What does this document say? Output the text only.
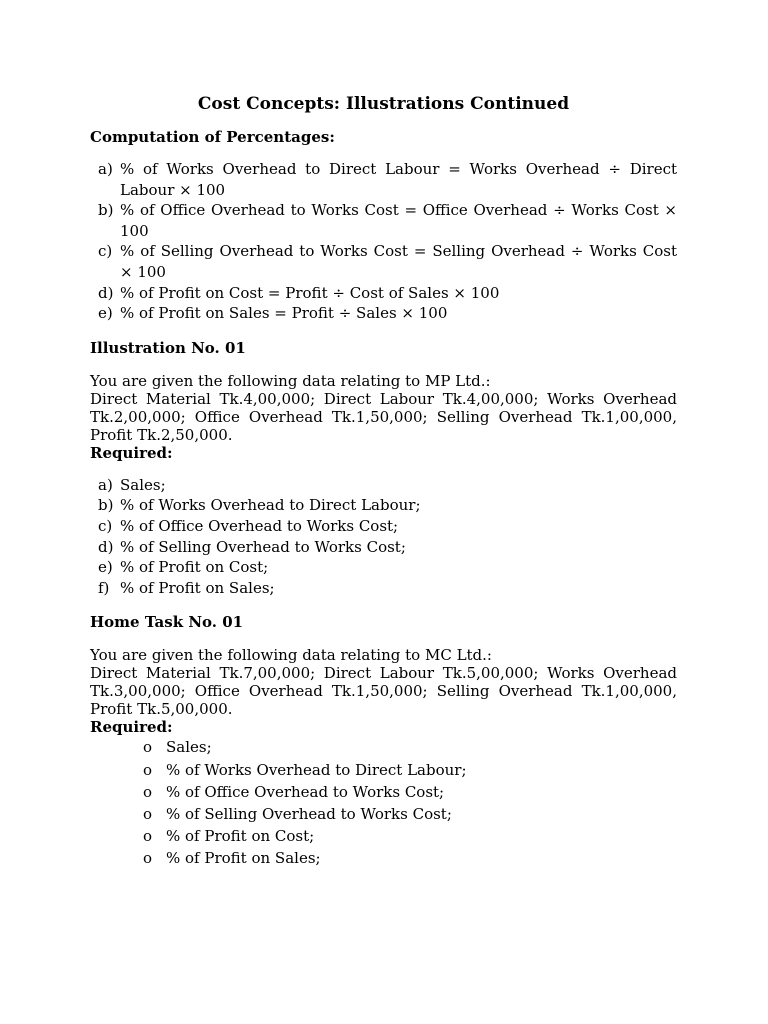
Cost Concepts: Illustrations Continued

Computation of Percentages:

a) % of Works Overhead to Direct Labour = Works Overhead ÷ Direct Labour × 100
b) % of Office Overhead to Works Cost = Office Overhead ÷ Works Cost × 100
c) % of Selling Overhead to Works Cost = Selling Overhead ÷ Works Cost × 100
d) % of Profit on Cost = Profit ÷ Cost of Sales × 100
e) % of Profit on Sales = Profit ÷ Sales × 100

Illustration No. 01

You are given the following data relating to MP Ltd.:

Direct Material Tk.4,00,000; Direct Labour Tk.4,00,000; Works Overhead Tk.2,00,000; Office Overhead Tk.1,50,000; Selling Overhead Tk.1,00,000, Profit Tk.2,50,000.

Required:

a) Sales;
b) % of Works Overhead to Direct Labour;
c) % of Office Overhead to Works Cost;
d) % of Selling Overhead to Works Cost;
e) % of Profit on Cost;
f) % of Profit on Sales;

Home Task No. 01

You are given the following data relating to MC Ltd.:

Direct Material Tk.7,00,000; Direct Labour Tk.5,00,000; Works Overhead Tk.3,00,000; Office Overhead Tk.1,50,000; Selling Overhead Tk.1,00,000, Profit Tk.5,00,000.

Required:

o Sales;
o % of Works Overhead to Direct Labour;
o % of Office Overhead to Works Cost;
o % of Selling Overhead to Works Cost;
o % of Profit on Cost;
o % of Profit on Sales;
